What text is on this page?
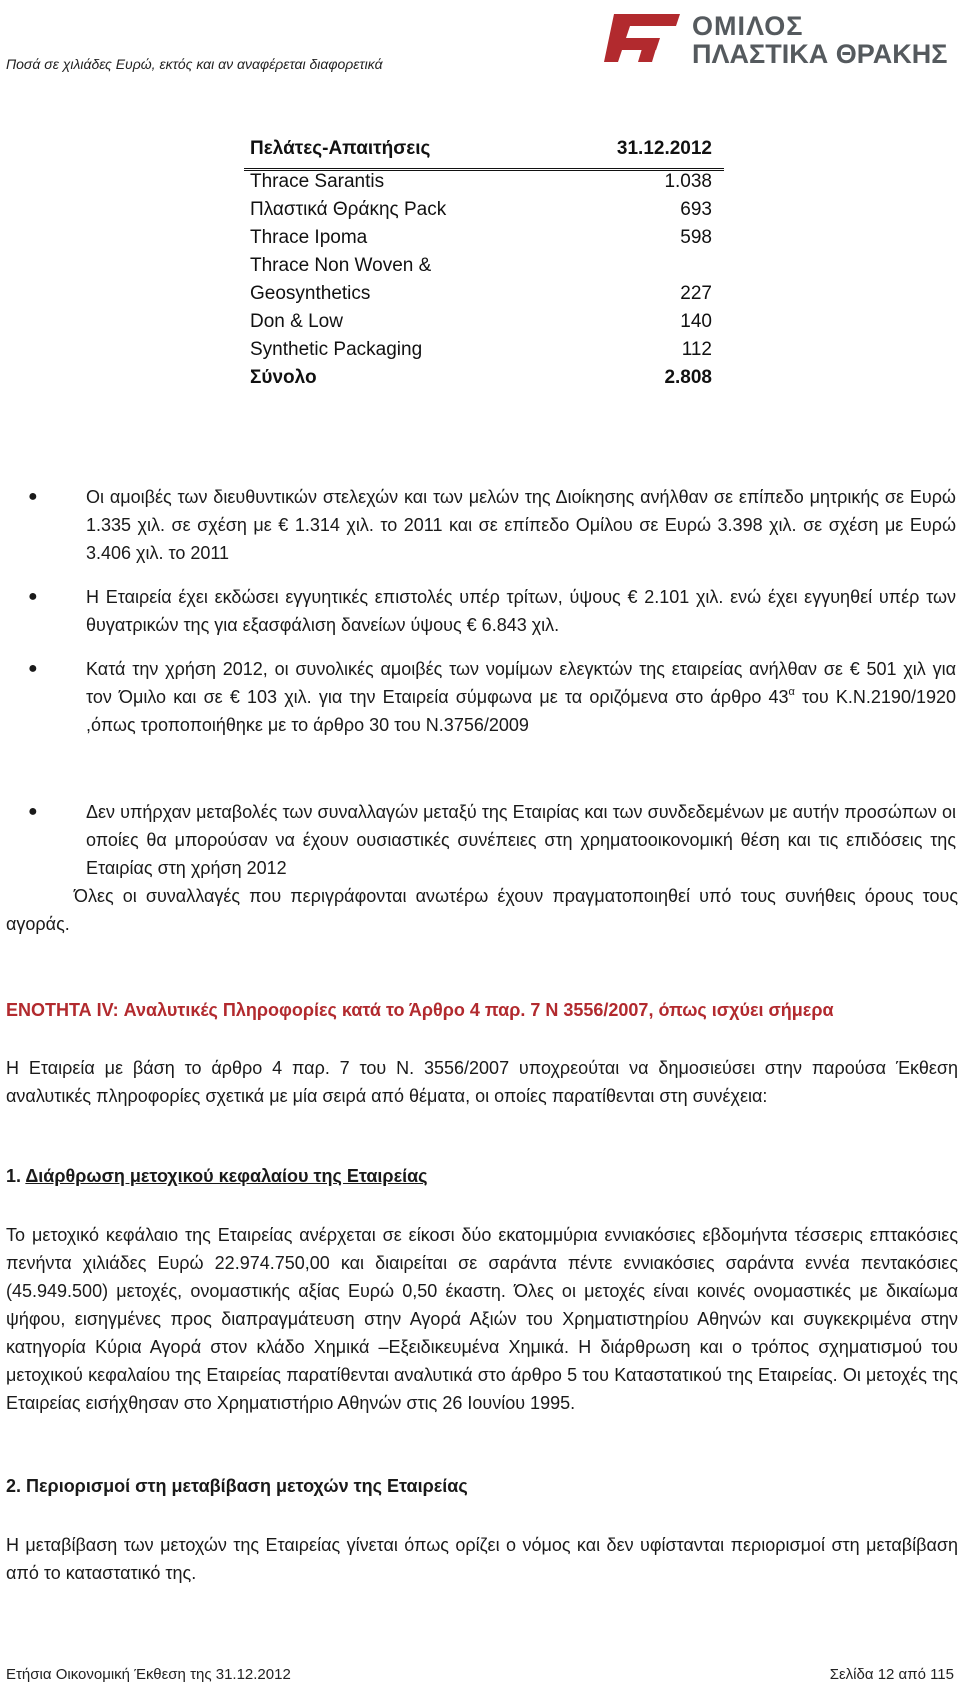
Ποσά σε χιλιάδες Ευρώ, εκτός και αν αναφέρεται διαφορετικά
ΟΜΙΛΟΣ
ΠΛΑΣΤΙΚΑ ΘΡΑΚΗΣ
Πελάτες-Απαιτήσεις	31.12.2012
Thrace Sarantis	1.038
Πλαστικά Θράκης Pack	693
Thrace Ipoma	598
Thrace Non Woven &	
Geosynthetics	227
Don & Low	140
Synthetic Packaging	112
Σύνολο	2.808
●	Οι αμοιβές των διευθυντικών στελεχών και των μελών της Διοίκησης ανήλθαν σε επίπεδο μητρικής σε Ευρώ 1.335 χιλ. σε σχέση με € 1.314 χιλ. το 2011 και σε επίπεδο Ομίλου σε Ευρώ 3.398 χιλ. σε σχέση με Ευρώ 3.406 χιλ. το 2011
●	Η Εταιρεία έχει εκδώσει εγγυητικές επιστολές υπέρ τρίτων, ύψους € 2.101 χιλ. ενώ έχει εγγυηθεί υπέρ των θυγατρικών της για εξασφάλιση δανείων ύψους € 6.843 χιλ.
●	Κατά την χρήση 2012, οι συνολικές αμοιβές των νομίμων ελεγκτών της εταιρείας ανήλθαν σε € 501 χιλ για τον Όμιλο και σε € 103 χιλ. για την Εταιρεία σύμφωνα με τα οριζόμενα στο άρθρο $43^\alpha$ του Κ.Ν.2190/1920 ,όπως τροποποιήθηκε με το άρθρο 30 του Ν.3756/2009
●	Δεν υπήρχαν μεταβολές των συναλλαγών μεταξύ της Εταιρίας και των συνδεδεμένων με αυτήν προσώπων οι οποίες θα μπορούσαν να έχουν ουσιαστικές συνέπειες στη χρηματοοικονομική θέση και τις επιδόσεις της Εταιρίας στη χρήση 2012
Όλες οι συναλλαγές που περιγράφονται ανωτέρω έχουν πραγματοποιηθεί υπό τους συνήθεις όρους τους αγοράς.
ΕΝΟΤΗΤΑ IV: Αναλυτικές Πληροφορίες κατά το Άρθρο 4 παρ. 7 Ν 3556/2007, όπως ισχύει σήμερα
Η Εταιρεία με βάση το άρθρο 4 παρ. 7 του Ν. 3556/2007 υποχρεούται να δημοσιεύσει στην παρούσα Έκθεση αναλυτικές πληροφορίες σχετικά με μία σειρά από θέματα, οι οποίες παρατίθενται στη συνέχεια:
1. Διάρθρωση μετοχικού κεφαλαίου της Εταιρείας
Το μετοχικό κεφάλαιο της Εταιρείας ανέρχεται σε είκοσι δύο εκατομμύρια εννιακόσιες εβδομήντα τέσσερις επτακόσιες πενήντα χιλιάδες Ευρώ 22.974.750,00 και διαιρείται σε σαράντα πέντε εννιακόσιες σαράντα εννέα πεντακόσιες (45.949.500) μετοχές, ονομαστικής αξίας Ευρώ 0,50 έκαστη. Όλες οι μετοχές είναι κοινές ονομαστικές με δικαίωμα ψήφου, εισηγμένες προς διαπραγμάτευση στην Αγορά Αξιών του Χρηματιστηρίου Αθηνών και συγκεκριμένα στην κατηγορία Κύρια Αγορά στον κλάδο Χημικά –Εξειδικευμένα Χημικά. Η διάρθρωση και ο τρόπος σχηματισμού του μετοχικού κεφαλαίου της Εταιρείας παρατίθενται αναλυτικά στο άρθρο 5 του Καταστατικού της Εταιρείας. Οι μετοχές της Εταιρείας εισήχθησαν στο Χρηματιστήριο Αθηνών στις 26 Ιουνίου 1995.
2. Περιορισμοί στη μεταβίβαση μετοχών της Εταιρείας
Η μεταβίβαση των μετοχών της Εταιρείας γίνεται όπως ορίζει ο νόμος και δεν υφίστανται περιορισμοί στη μεταβίβαση από το καταστατικό της.
Ετήσια Οικονομική Έκθεση της 31.12.2012	Σελίδα 12 από 115
